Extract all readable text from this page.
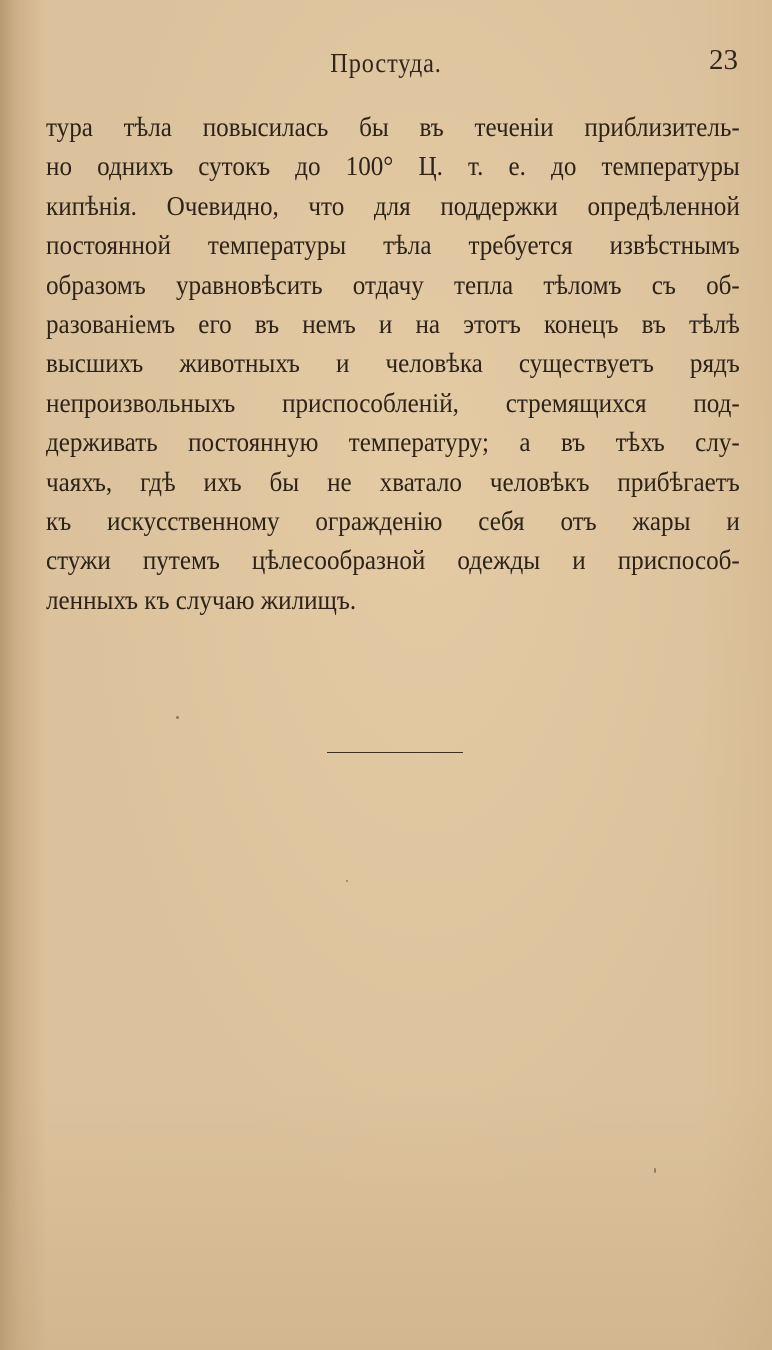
Простуда.	23
тура тѣла повысилась бы въ теченіи приблизитель-
но однихъ сутокъ до 100° Ц. т. е. до температуры
кипѣнія. Очевидно, что для поддержки опредѣленной
постоянной температуры тѣла требуется извѣстнымъ
образомъ уравновѣсить отдачу тепла тѣломъ съ об-
разованіемъ его въ немъ и на этотъ конецъ въ тѣлѣ
высшихъ животныхъ и человѣка существуетъ рядъ
непроизвольныхъ приспособленій, стремящихся под-
держивать постоянную температуру; а въ тѣхъ слу-
чаяхъ, гдѣ ихъ бы не хватало человѣкъ прибѣгаетъ
къ искусственному огражденію себя отъ жары и
стужи путемъ цѣлесообразной одежды и приспособ-
ленныхъ къ случаю жилищъ.
